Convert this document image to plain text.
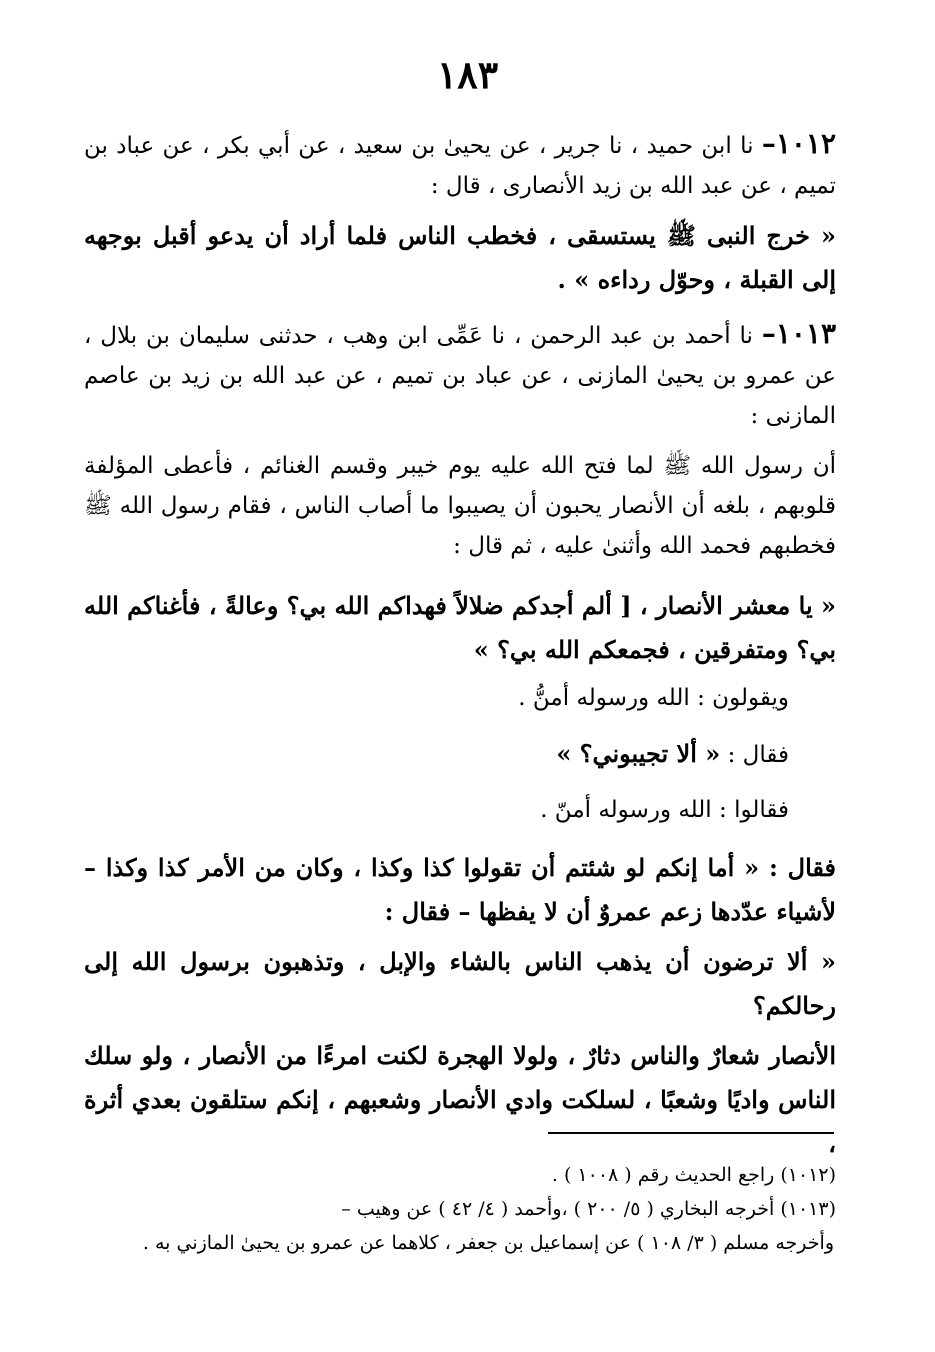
١٨٣
١٠١٢– نا ابن حميد ، نا جرير ، عن يحيىٰ بن سعيد ، عن أبي بكر ، عن عباد بن تميم ، عن عبد الله بن زيد الأنصارى ، قال :
« خرج النبى ﷺ يستسقى ، فخطب الناس فلما أراد أن يدعو أقبل بوجهه إلى القبلة ، وحوّل رداءه » .
١٠١٣– نا أحمد بن عبد الرحمن ، نا عَمِّى ابن وهب ، حدثنى سليمان بن بلال ، عن عمرو بن يحيىٰ المازنى ، عن عباد بن تميم ، عن عبد الله بن زيد بن عاصم المازنى :
أن رسول الله ﷺ لما فتح الله عليه يوم خيبر وقسم الغنائم ، فأعطى المؤلفة قلوبهم ، بلغه أن الأنصار يحبون أن يصيبوا ما أصاب الناس ، فقام رسول الله ﷺ فخطبهم فحمد الله وأثنىٰ عليه ، ثم قال :
« يا معشر الأنصار ، [ ألم أجدكم ضلالاً فهداكم الله بي؟ وعالةً ، فأغناكم الله بي؟ ومتفرقين ، فجمعكم الله بي؟ »
ويقولون : الله ورسوله أمنُّ .
فقال : « ألا تجيبوني؟ »
فقالوا : الله ورسوله أمنّ .
فقال : « أما إنكم لو شئتم أن تقولوا كذا وكذا ، وكان من الأمر كذا وكذا – لأشياء عدّدها زعم عمروٌ أن لا يفظها – فقال :
« ألا ترضون أن يذهب الناس بالشاء والإبل ، وتذهبون برسول الله إلى رحالكم؟
الأنصار شعارٌ والناس دثارٌ ، ولولا الهجرة لكنت امرءًا من الأنصار ، ولو سلك الناس واديًا وشعبًا ، لسلكت وادي الأنصار وشعبهم ، إنكم ستلقون بعدي أثرة ،
(١٠١٢) راجع الحديث رقم ( ١٠٠٨ ) .
(١٠١٣) أخرجه البخاري ( ٥/ ٢٠٠ ) ،وأحمد ( ٤/ ٤٢ ) عن وهيب –
وأخرجه مسلم ( ٣/ ١٠٨ ) عن إسماعيل بن جعفر ، كلاهما عن عمرو بن يحيىٰ المازني به .
